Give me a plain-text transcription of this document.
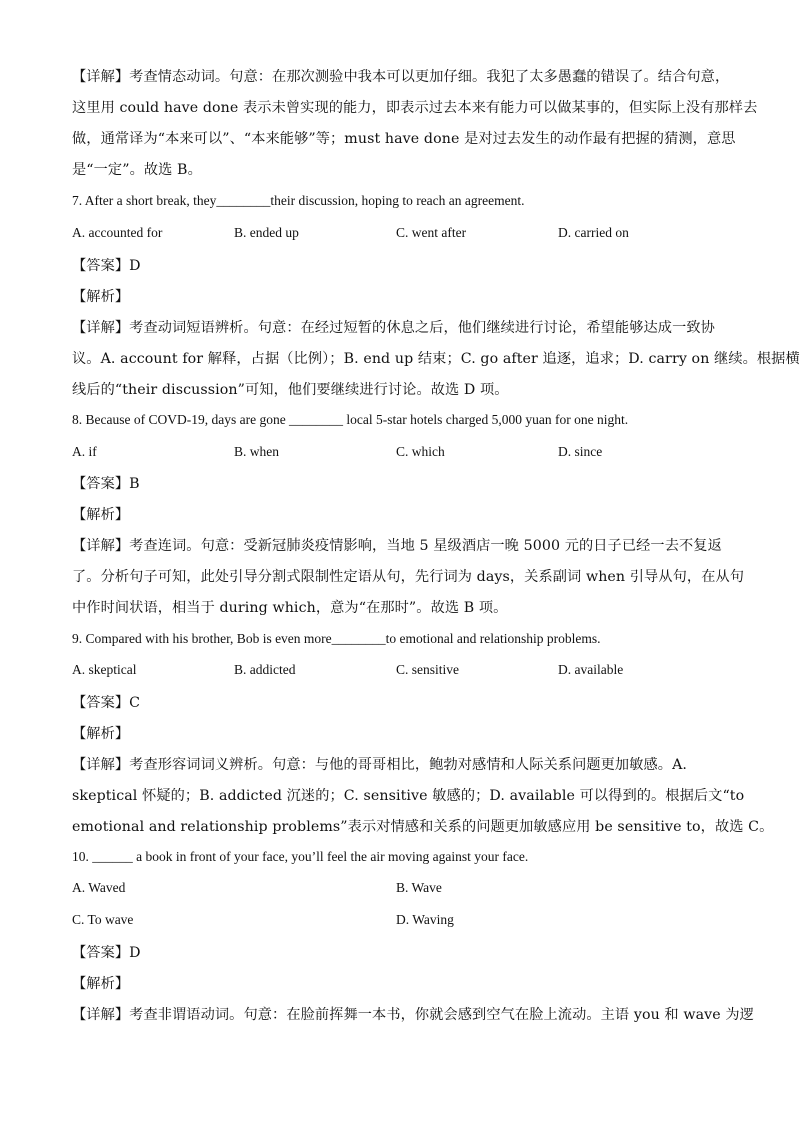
【详解】考查情态动词。句意：在那次测验中我本可以更加仔细。我犯了太多愚蠢的错误了。结合句意，
这里用 could have done 表示未曾实现的能力，即表示过去本来有能力可以做某事的，但实际上没有那样去
做，通常译为“本来可以”、“本来能够”等；must have done 是对过去发生的动作最有把握的猜测，意思
是“一定”。故选 B。
7. After a short break, they________their discussion, hoping to reach an agreement.
A. accounted for	B. ended up	C. went after	D. carried on
【答案】D
【解析】
【详解】考查动词短语辨析。句意：在经过短暂的休息之后，他们继续进行讨论，希望能够达成一致协
议。A. account for 解释，占据（比例）；B. end up 结束；C. go after 追逐，追求；D. carry on 继续。根据横
线后的“their discussion”可知，他们要继续进行讨论。故选 D 项。
8. Because of COVD-19, days are gone ________ local 5-star hotels charged 5,000 yuan for one night.
A. if	B. when	C. which	D. since
【答案】B
【解析】
【详解】考查连词。句意：受新冠肺炎疫情影响，当地 5 星级酒店一晚 5000 元的日子已经一去不复返
了。分析句子可知，此处引导分割式限制性定语从句，先行词为 days，关系副词 when 引导从句，在从句
中作时间状语，相当于 during which，意为“在那时”。故选 B 项。
9. Compared with his brother, Bob is even more________to emotional and relationship problems.
A. skeptical	B. addicted	C. sensitive	D. available
【答案】C
【解析】
【详解】考查形容词词义辨析。句意：与他的哥哥相比，鲍勃对感情和人际关系问题更加敏感。A.
skeptical 怀疑的；B. addicted 沉迷的；C. sensitive 敏感的；D. available 可以得到的。根据后文“to
emotional and relationship problems”表示对情感和关系的问题更加敏感应用 be sensitive to，故选 C。
10. ______ a book in front of your face, you’ll feel the air moving against your face.
A. Waved	B. Wave
C. To wave	D. Waving
【答案】D
【解析】
【详解】考查非谓语动词。句意：在脸前挥舞一本书，你就会感到空气在脸上流动。主语 you 和 wave 为逻
